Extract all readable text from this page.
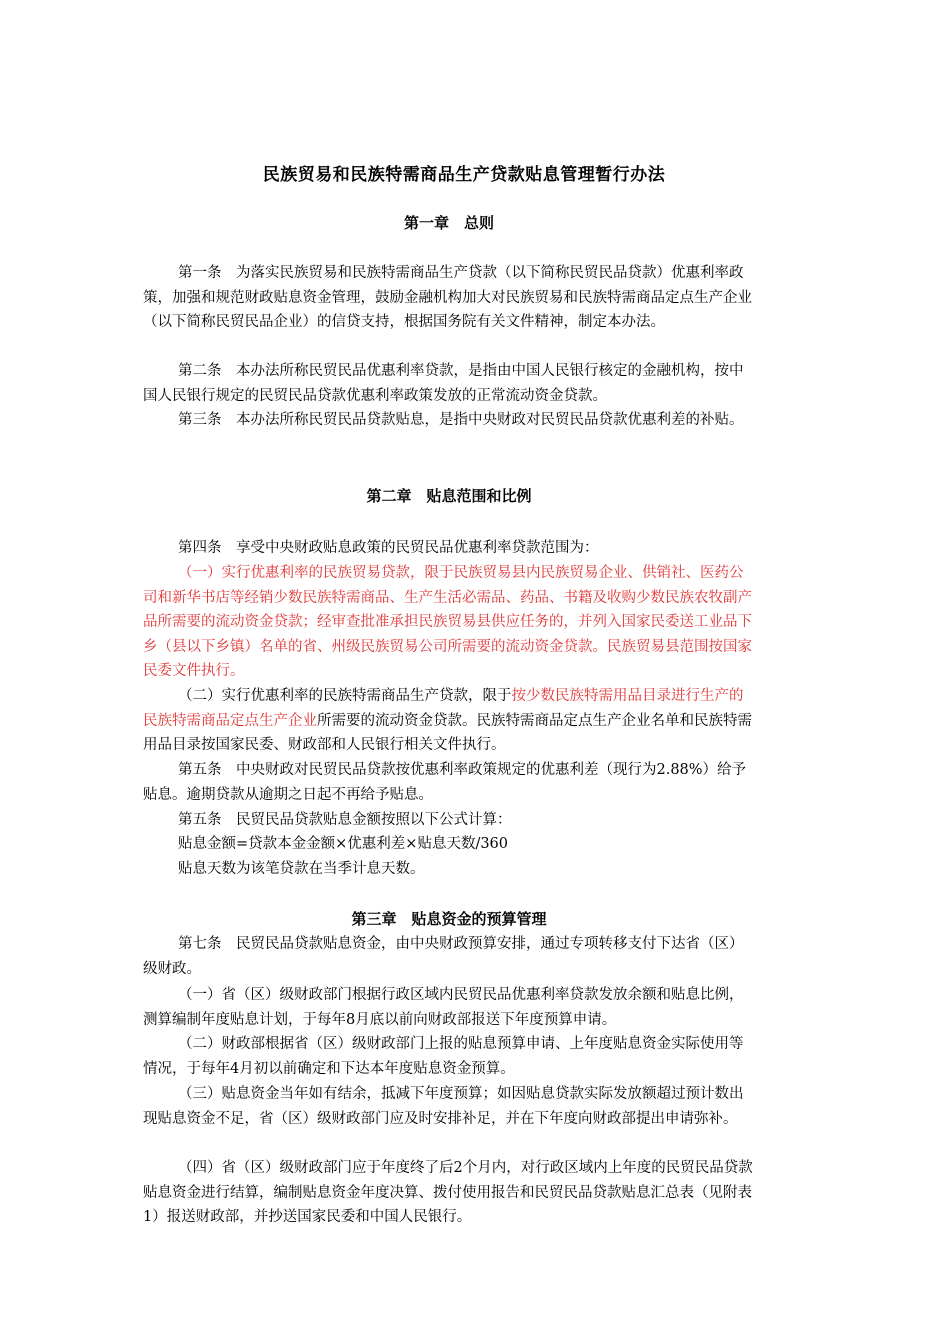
民族贸易和民族特需商品生产贷款贴息管理暂行办法
第一章　总则
第一条　为落实民族贸易和民族特需商品生产贷款（以下简称民贸民品贷款）优惠利率政策，加强和规范财政贴息资金管理，鼓励金融机构加大对民族贸易和民族特需商品定点生产企业（以下简称民贸民品企业）的信贷支持，根据国务院有关文件精神，制定本办法。
第二条　本办法所称民贸民品优惠利率贷款，是指由中国人民银行核定的金融机构，按中国人民银行规定的民贸民品贷款优惠利率政策发放的正常流动资金贷款。
第三条　本办法所称民贸民品贷款贴息，是指中央财政对民贸民品贷款优惠利差的补贴。
第二章　贴息范围和比例
第四条　享受中央财政贴息政策的民贸民品优惠利率贷款范围为：
（一）实行优惠利率的民族贸易贷款，限于民族贸易县内民族贸易企业、供销社、医药公司和新华书店等经销少数民族特需商品、生产生活必需品、药品、书籍及收购少数民族农牧副产品所需要的流动资金贷款；经审查批准承担民族贸易县供应任务的，并列入国家民委送工业品下乡（县以下乡镇）名单的省、州级民族贸易公司所需要的流动资金贷款。民族贸易县范围按国家民委文件执行。
（二）实行优惠利率的民族特需商品生产贷款，限于按少数民族特需用品目录进行生产的民族特需商品定点生产企业所需要的流动资金贷款。民族特需商品定点生产企业名单和民族特需用品目录按国家民委、财政部和人民银行相关文件执行。
第五条　中央财政对民贸民品贷款按优惠利率政策规定的优惠利差（现行为2.88%）给予贴息。逾期贷款从逾期之日起不再给予贴息。
第五条　民贸民品贷款贴息金额按照以下公式计算：
贴息金额=贷款本金金额×优惠利差×贴息天数/360
贴息天数为该笔贷款在当季计息天数。
第三章　贴息资金的预算管理
第七条　民贸民品贷款贴息资金，由中央财政预算安排，通过专项转移支付下达省（区）级财政。
（一）省（区）级财政部门根据行政区域内民贸民品优惠利率贷款发放余额和贴息比例，测算编制年度贴息计划，于每年8月底以前向财政部报送下年度预算申请。
（二）财政部根据省（区）级财政部门上报的贴息预算申请、上年度贴息资金实际使用等情况，于每年4月初以前确定和下达本年度贴息资金预算。
（三）贴息资金当年如有结余，抵减下年度预算；如因贴息贷款实际发放额超过预计数出现贴息资金不足，省（区）级财政部门应及时安排补足，并在下年度向财政部提出申请弥补。
（四）省（区）级财政部门应于年度终了后2个月内，对行政区域内上年度的民贸民品贷款贴息资金进行结算，编制贴息资金年度决算、拨付使用报告和民贸民品贷款贴息汇总表（见附表1）报送财政部，并抄送国家民委和中国人民银行。
